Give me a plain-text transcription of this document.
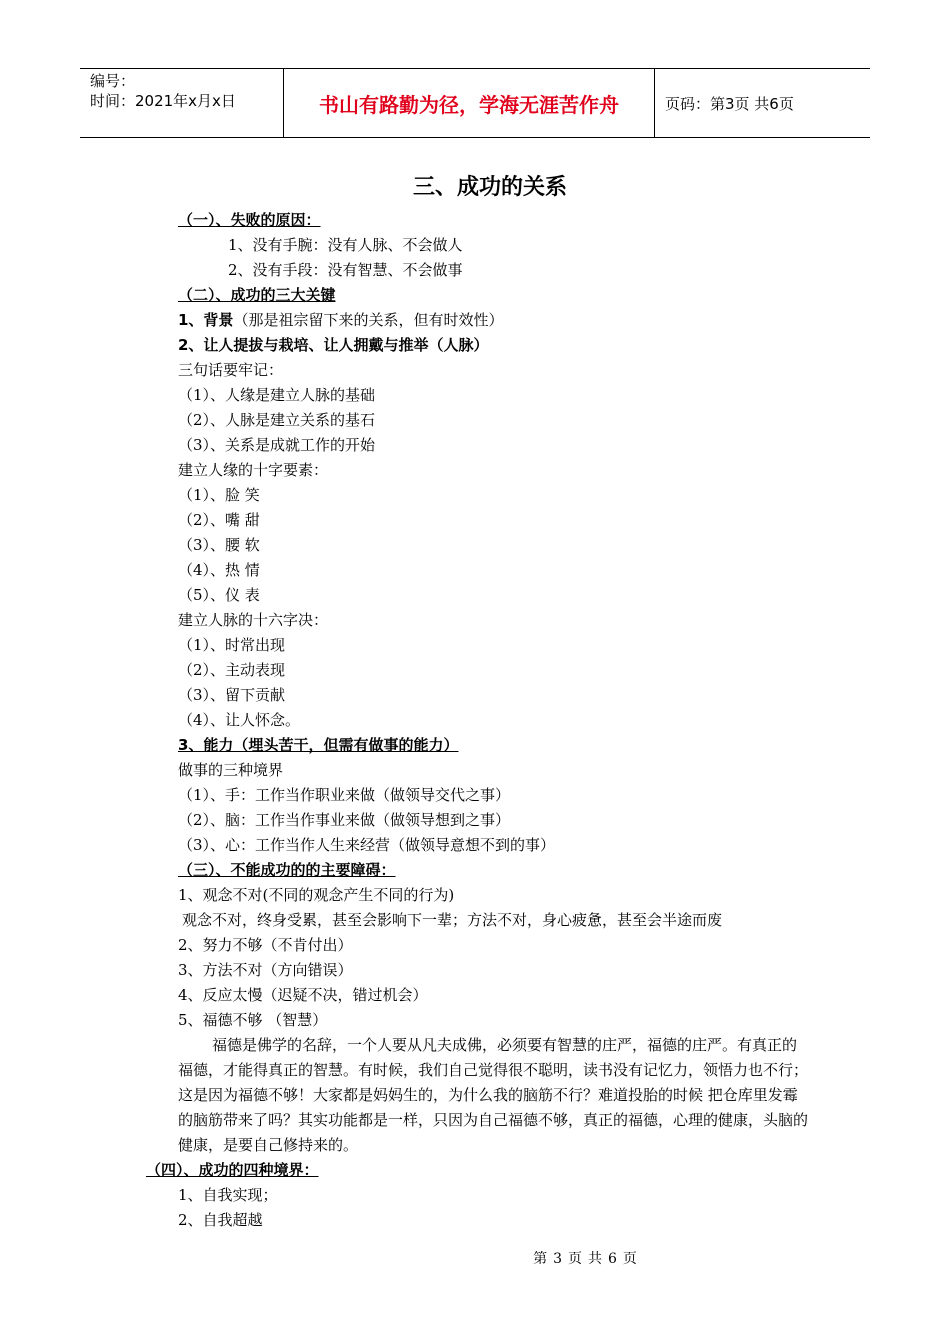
编号：
时间：2021年x月x日	书山有路勤为径，学海无涯苦作舟	页码：第3页 共6页
三、成功的关系
（一）、失败的原因：
1、没有手腕：没有人脉、不会做人
2、没有手段：没有智慧、不会做事
（二）、成功的三大关键
1、背景（那是祖宗留下来的关系，但有时效性）
2、让人提拔与栽培、让人拥戴与推举（人脉）
三句话要牢记：
（1）、人缘是建立人脉的基础
（2）、人脉是建立关系的基石
（3）、关系是成就工作的开始
建立人缘的十字要素：
（1）、脸 笑
（2）、嘴 甜
（3）、腰 软
（4）、热 情
（5）、仪 表
建立人脉的十六字决：
（1）、时常出现
（2）、主动表现
（3）、留下贡献
（4）、让人怀念。
3、能力（埋头苦干，但需有做事的能力）
做事的三种境界
（1）、手：工作当作职业来做（做领导交代之事）
（2）、脑：工作当作事业来做（做领导想到之事）
（3）、心：工作当作人生来经营（做领导意想不到的事）
（三）、不能成功的的主要障碍：
1、观念不对(不同的观念产生不同的行为)
观念不对，终身受累，甚至会影响下一辈；方法不对，身心疲惫，甚至会半途而废
2、努力不够（不肯付出）
3、方法不对（方向错误）
4、反应太慢（迟疑不决，错过机会）
5、福德不够 （智慧）
福德是佛学的名辞，一个人要从凡夫成佛，必须要有智慧的庄严，福德的庄严。有真正的福德，才能得真正的智慧。有时候，我们自己觉得很不聪明，读书没有记忆力，领悟力也不行；这是因为福德不够！大家都是妈妈生的，为什么我的脑筋不行？难道投胎的时候 把仓库里发霉的脑筋带来了吗？其实功能都是一样，只因为自己福德不够，真正的福德，心理的健康，头脑的健康，是要自己修持来的。
（四）、成功的四种境界：
1、自我实现；
2、自我超越
第 3 页 共 6 页
